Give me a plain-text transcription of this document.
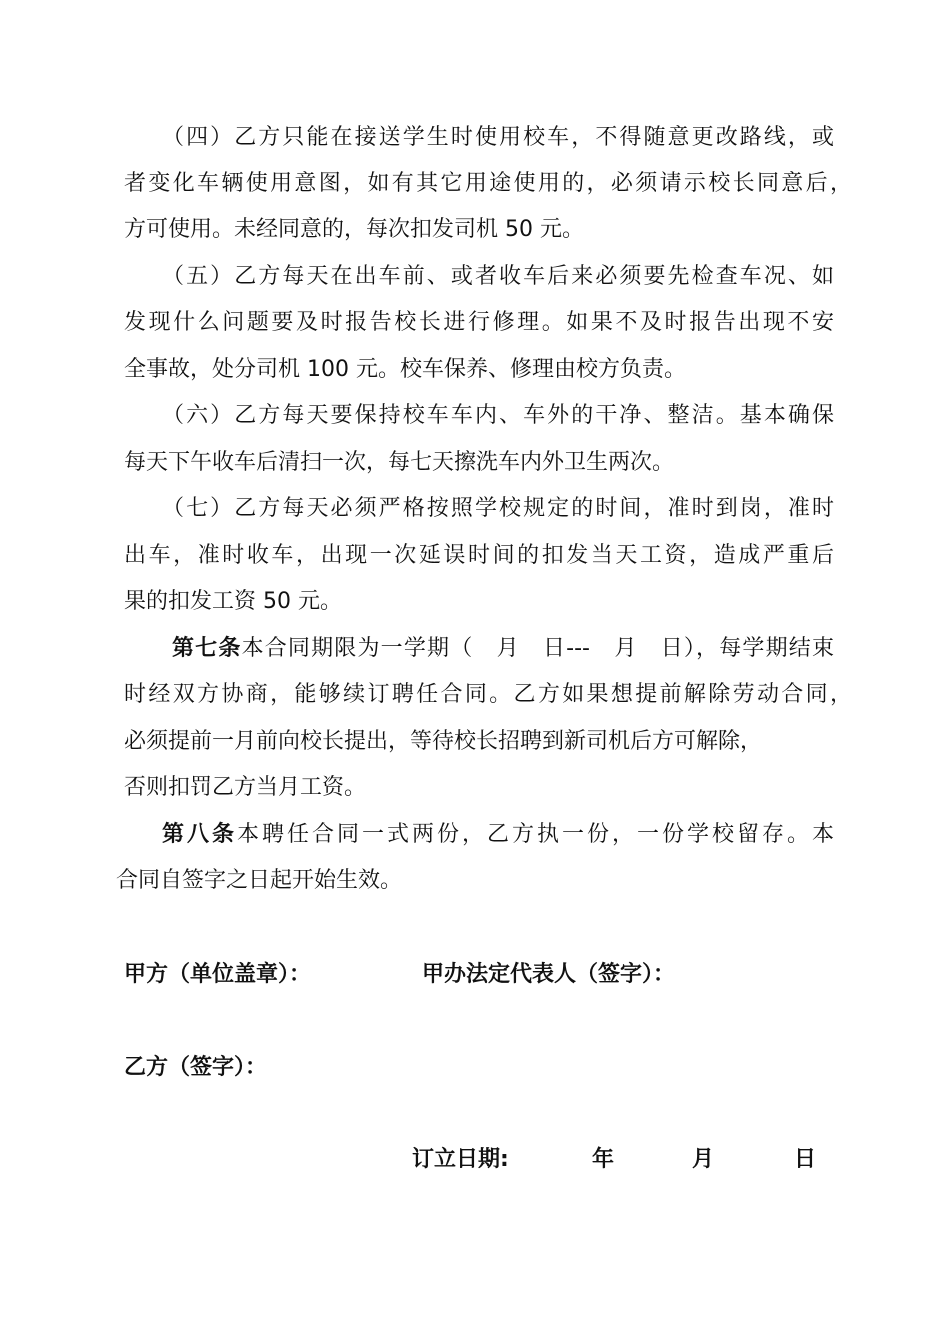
（四）乙方只能在接送学生时使用校车，不得随意更改路线，或
者变化车辆使用意图，如有其它用途使用的，必须请示校长同意后，
方可使用。未经同意的，每次扣发司机 50 元。
（五）乙方每天在出车前、或者收车后来必须要先检查车况、如
发现什么问题要及时报告校长进行修理。如果不及时报告出现不安
全事故，处分司机 100 元。校车保养、修理由校方负责。
（六）乙方每天要保持校车车内、车外的干净、整洁。基本确保
每天下午收车后清扫一次，每七天擦洗车内外卫生两次。
（七）乙方每天必须严格按照学校规定的时间，准时到岗，准时
出车，准时收车，出现一次延误时间的扣发当天工资，造成严重后
果的扣发工资 50 元。
第七条本合同期限为一学期（　月　日---　月　日），每学期结束
时经双方协商，能够续订聘任合同。乙方如果想提前解除劳动合同，
必须提前一月前向校长提出，等待校长招聘到新司机后方可解除，
否则扣罚乙方当月工资。
第八条本聘任合同一式两份，乙方执一份，一份学校留存。本
合同自签字之日起开始生效。
甲方（单位盖章）：	甲办法定代表人（签字）：
乙方（签字）：
订立日期:	年	月	日
